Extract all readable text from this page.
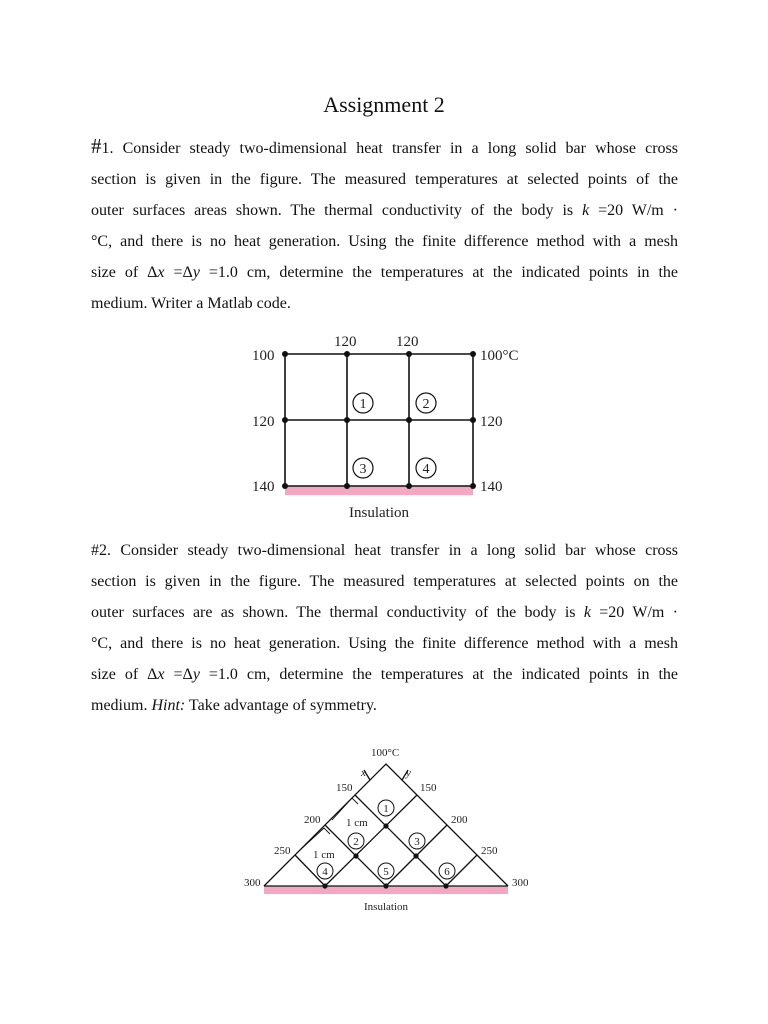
Assignment 2
#1. Consider steady two-dimensional heat transfer in a long solid bar whose cross
section is given in the figure. The measured temperatures at selected points of the
outer surfaces areas shown. The thermal conductivity of the body is k =20 W/m ·
°C, and there is no heat generation. Using the finite difference method with a mesh
size of Δx =Δy =1.0 cm, determine the temperatures at the indicated points in the
medium. Writer a Matlab code.
120	120
100
120
140
100°C
120
140
1	2
3	4
Insulation
#2. Consider steady two-dimensional heat transfer in a long solid bar whose cross
section is given in the figure. The measured temperatures at selected points on the
outer surfaces are as shown. The thermal conductivity of the body is k =20 W/m ·
°C, and there is no heat generation. Using the finite difference method with a mesh
size of Δx =Δy =1.0 cm, determine the temperatures at the indicated points in the
medium. Hint: Take advantage of symmetry.
1
2	3
4	5	6
100°C
x	y
150
200
250
300
150
200
250
300
1 cm
1 cm
Insulation
